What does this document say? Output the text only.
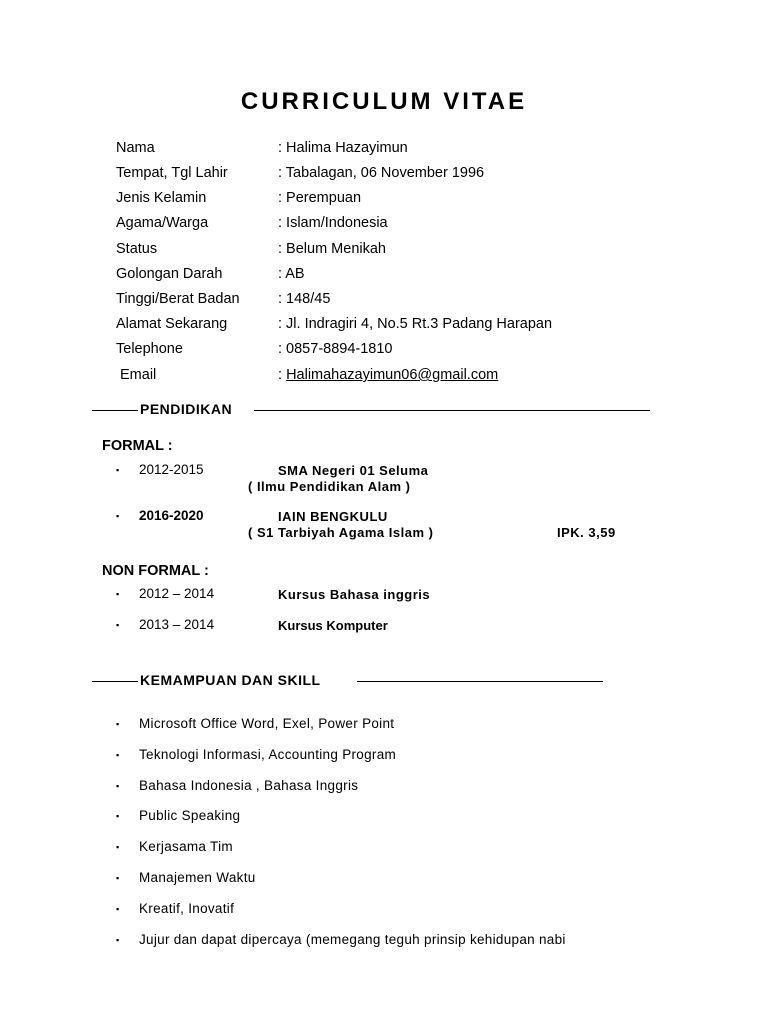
CURRICULUM VITAE
Nama	: Halima Hazayimun
Tempat, Tgl Lahir	: Tabalagan, 06 November 1996
Jenis Kelamin	: Perempuan
Agama/Warga	: Islam/Indonesia
Status	: Belum Menikah
Golongan Darah	: AB
Tinggi/Berat Badan	: 148/45
Alamat Sekarang	: Jl. Indragiri 4, No.5 Rt.3 Padang Harapan
Telephone	: 0857-8894-1810
Email	: Halimahazayimun06@gmail.com
PENDIDIKAN
FORMAL :
▪ 2012-2015	SMA Negeri 01 Seluma
( Ilmu Pendidikan Alam )
▪ 2016-2020	IAIN BENGKULU
( S1 Tarbiyah Agama Islam )	IPK. 3,59
NON FORMAL :
▪ 2012 – 2014	Kursus Bahasa inggris
▪ 2013 – 2014	Kursus Komputer
KEMAMPUAN DAN SKILL
▪ Microsoft Office Word, Exel, Power Point
▪ Teknologi Informasi, Accounting Program
▪ Bahasa Indonesia , Bahasa Inggris
▪ Public Speaking
▪ Kerjasama Tim
▪ Manajemen Waktu
▪ Kreatif, Inovatif
▪ Jujur dan dapat dipercaya (memegang teguh prinsip kehidupan nabi
